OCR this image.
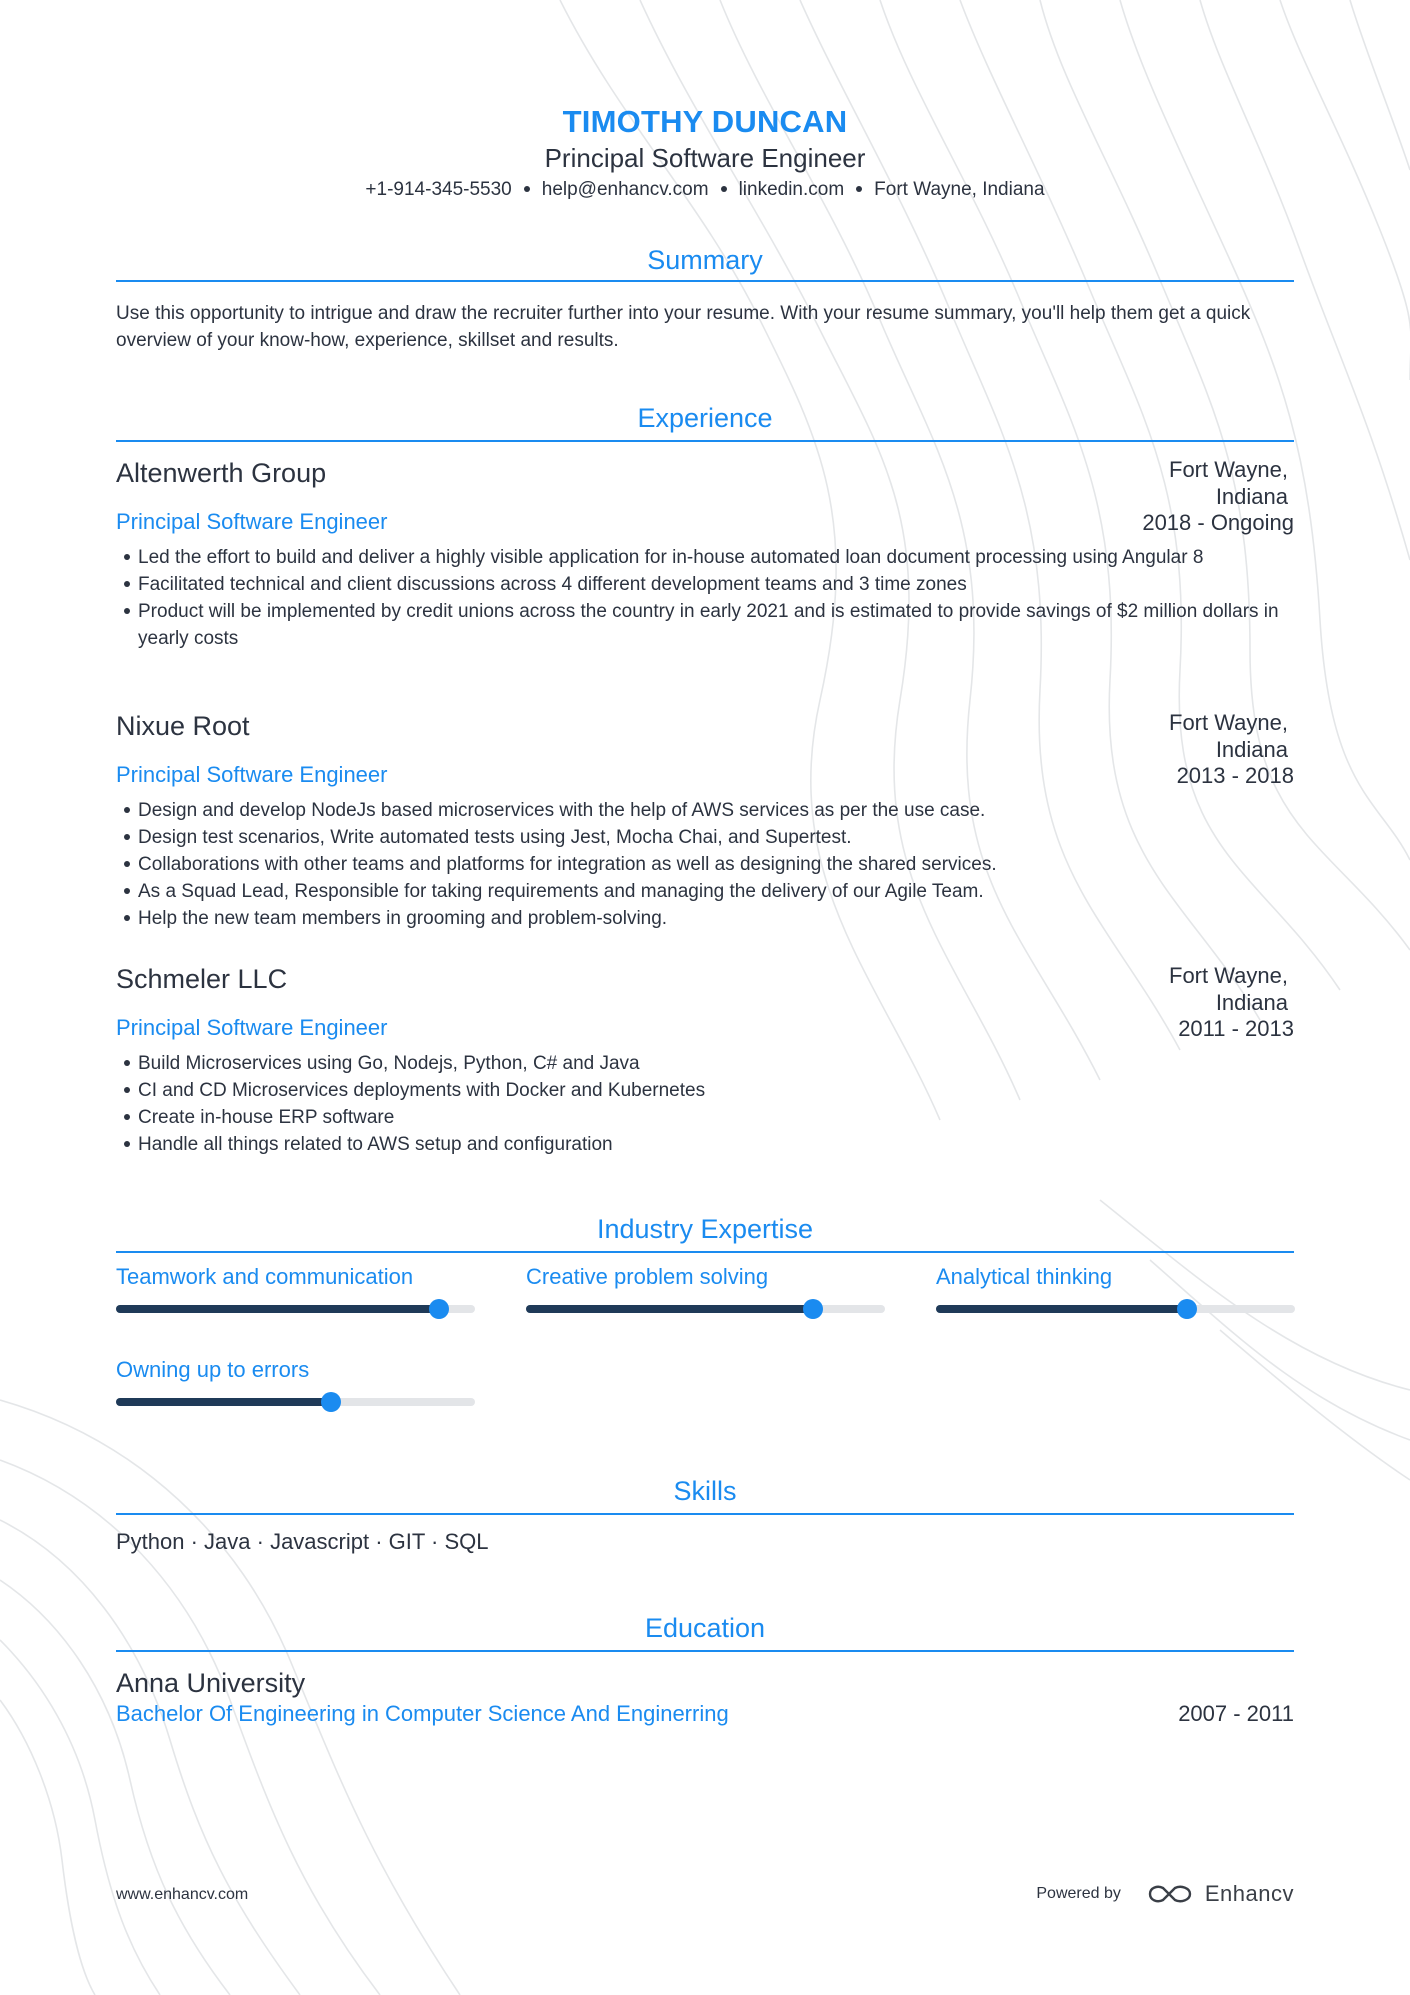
TIMOTHY DUNCAN
Principal Software Engineer
+1-914-345-5530 help@enhancv.com linkedin.com Fort Wayne, Indiana
Summary
Use this opportunity to intrigue and draw the recruiter further into your resume. With your resume summary, you'll help them get a quick overview of your know-how, experience, skillset and results.
Experience
Altenwerth Group	Fort Wayne, Indiana
Principal Software Engineer	2018 - Ongoing
Led the effort to build and deliver a highly visible application for in-house automated loan document processing using Angular 8
Facilitated technical and client discussions across 4 different development teams and 3 time zones
Product will be implemented by credit unions across the country in early 2021 and is estimated to provide savings of $2 million dollars in yearly costs
Nixue Root	Fort Wayne, Indiana
Principal Software Engineer	2013 - 2018
Design and develop NodeJs based microservices with the help of AWS services as per the use case.
Design test scenarios, Write automated tests using Jest, Mocha Chai, and Supertest.
Collaborations with other teams and platforms for integration as well as designing the shared services.
As a Squad Lead, Responsible for taking requirements and managing the delivery of our Agile Team.
Help the new team members in grooming and problem-solving.
Schmeler LLC	Fort Wayne, Indiana
Principal Software Engineer	2011 - 2013
Build Microservices using Go, Nodejs, Python, C# and Java
CI and CD Microservices deployments with Docker and Kubernetes
Create in-house ERP software
Handle all things related to AWS setup and configuration
Industry Expertise
Teamwork and communication	Creative problem solving	Analytical thinking
Owning up to errors
Skills
Python · Java · Javascript · GIT · SQL
Education
Anna University
Bachelor Of Engineering in Computer Science And Enginerring	2007 - 2011
www.enhancv.com	Powered by	Enhancv
